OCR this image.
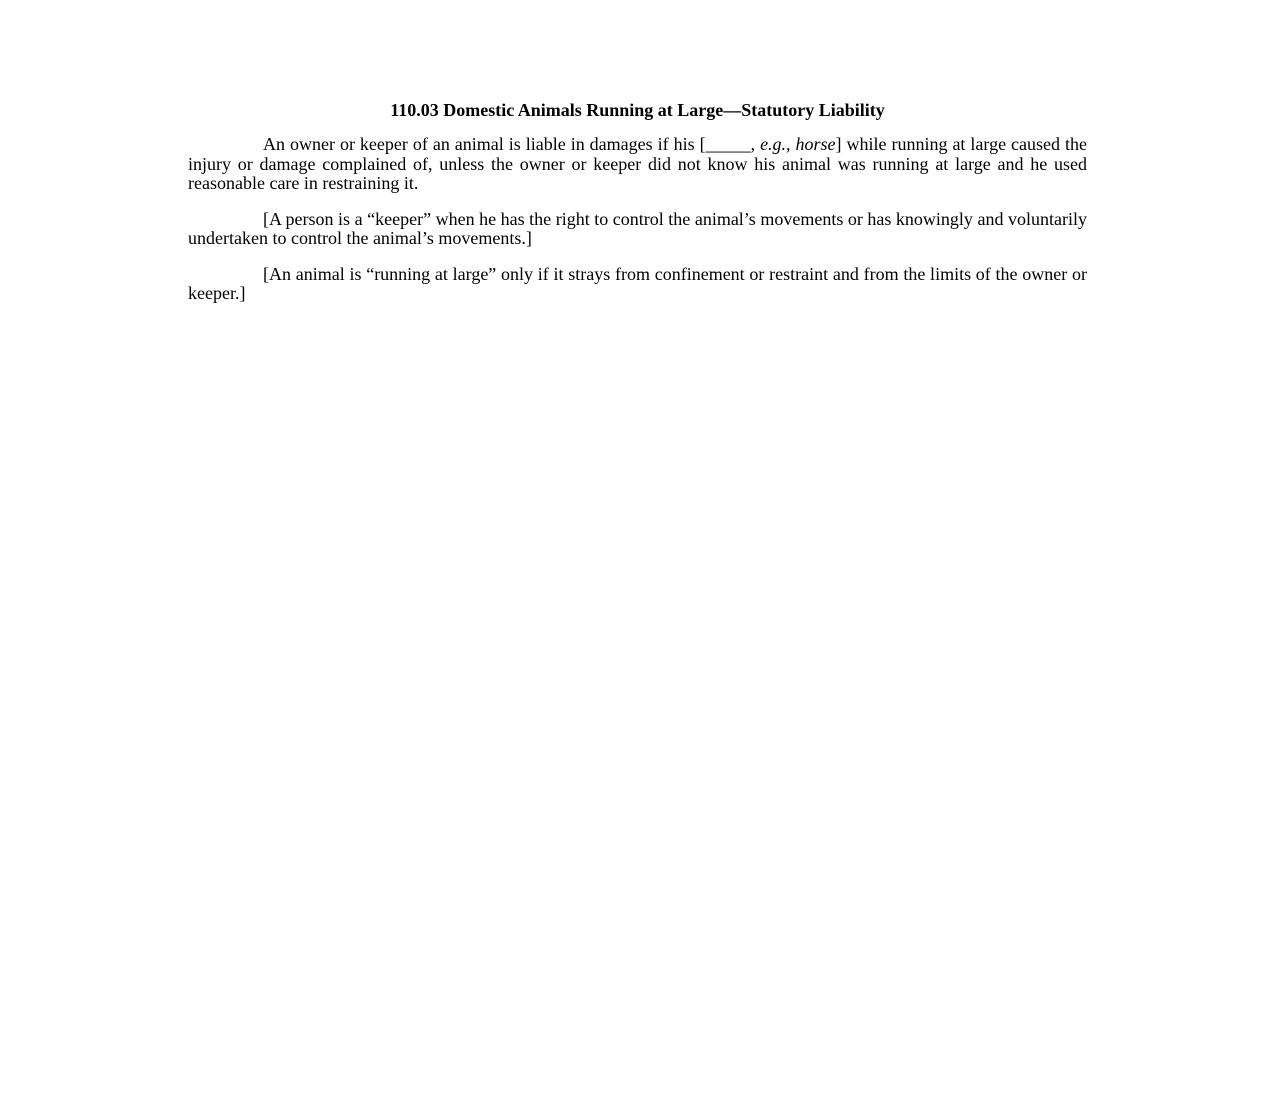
110.03 Domestic Animals Running at Large—Statutory Liability

An owner or keeper of an animal is liable in damages if his [_____, e.g., horse] while running at large caused the injury or damage complained of, unless the owner or keeper did not know his animal was running at large and he used reasonable care in restraining it.

[A person is a “keeper” when he has the right to control the animal’s movements or has knowingly and voluntarily undertaken to control the animal’s movements.]

[An animal is “running at large” only if it strays from confinement or restraint and from the limits of the owner or keeper.]
